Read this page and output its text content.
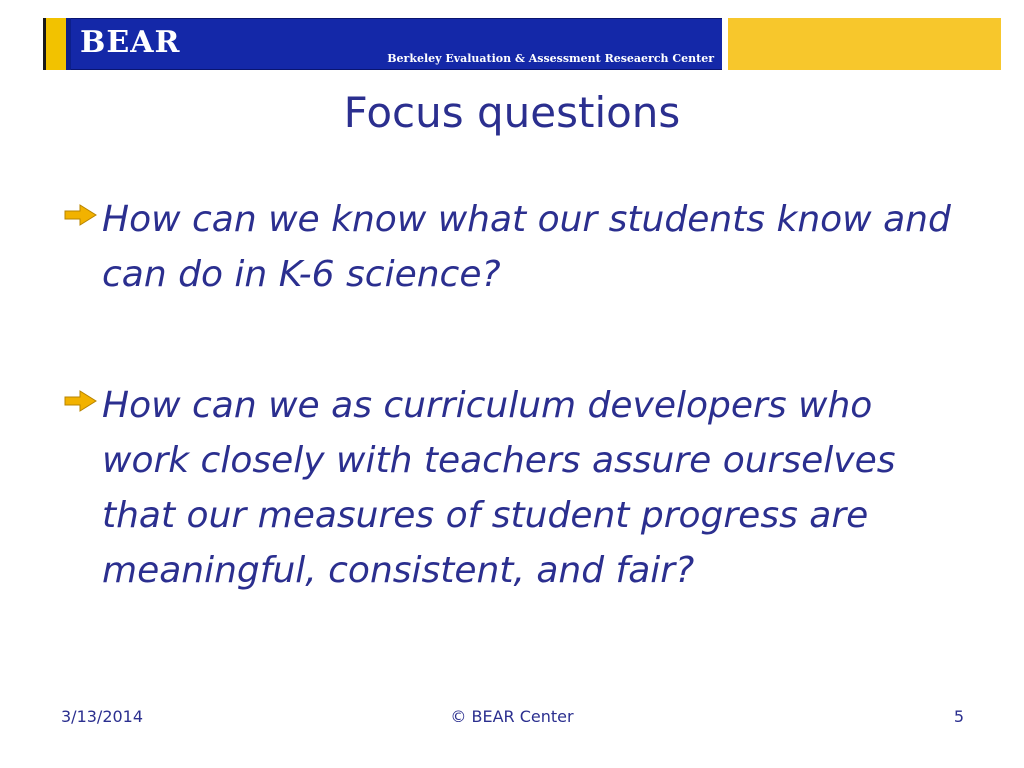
BEAR	Berkeley Evaluation & Assessment Reseaerch Center
Focus questions
How can we know what our students know and can do in K-6 science?
How can we as curriculum developers who work closely with teachers assure ourselves that our measures of student progress are meaningful, consistent, and fair?
3/13/2014	© BEAR Center	5
